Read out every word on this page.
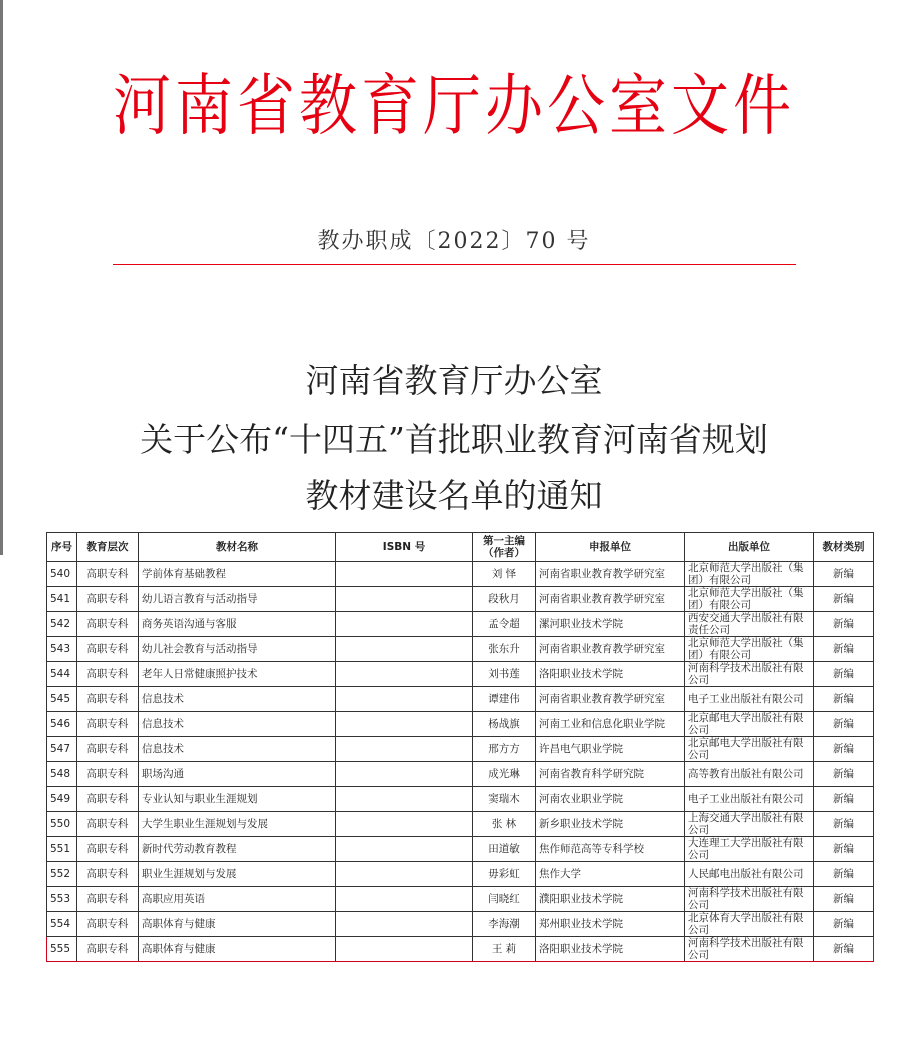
河南省教育厅办公室文件
教办职成〔2022〕70 号
河南省教育厅办公室
关于公布“十四五”首批职业教育河南省规划
教材建设名单的通知
序号	教育层次	教材名称	ISBN 号	第一主编（作者）	申报单位	出版单位	教材类别
540	高职专科	学前体育基础教程		刘 怿	河南省职业教育教学研究室	北京师范大学出版社（集团）有限公司	新编
541	高职专科	幼儿语言教育与活动指导		段秋月	河南省职业教育教学研究室	北京师范大学出版社（集团）有限公司	新编
542	高职专科	商务英语沟通与客服		孟令超	漯河职业技术学院	西安交通大学出版社有限责任公司	新编
543	高职专科	幼儿社会教育与活动指导		张东升	河南省职业教育教学研究室	北京师范大学出版社（集团）有限公司	新编
544	高职专科	老年人日常健康照护技术		刘书莲	洛阳职业技术学院	河南科学技术出版社有限公司	新编
545	高职专科	信息技术		谭建伟	河南省职业教育教学研究室	电子工业出版社有限公司	新编
546	高职专科	信息技术		杨战旗	河南工业和信息化职业学院	北京邮电大学出版社有限公司	新编
547	高职专科	信息技术		邢方方	许昌电气职业学院	北京邮电大学出版社有限公司	新编
548	高职专科	职场沟通		成光琳	河南省教育科学研究院	高等教育出版社有限公司	新编
549	高职专科	专业认知与职业生涯规划		窦瑞木	河南农业职业学院	电子工业出版社有限公司	新编
550	高职专科	大学生职业生涯规划与发展		张 林	新乡职业技术学院	上海交通大学出版社有限公司	新编
551	高职专科	新时代劳动教育教程		田道敏	焦作师范高等专科学校	大连理工大学出版社有限公司	新编
552	高职专科	职业生涯规划与发展		毋彩虹	焦作大学	人民邮电出版社有限公司	新编
553	高职专科	高职应用英语		闫晓红	濮阳职业技术学院	河南科学技术出版社有限公司	新编
554	高职专科	高职体育与健康		李海潮	郑州职业技术学院	北京体育大学出版社有限公司	新编
555	高职专科	高职体育与健康		王 莉	洛阳职业技术学院	河南科学技术出版社有限公司	新编
